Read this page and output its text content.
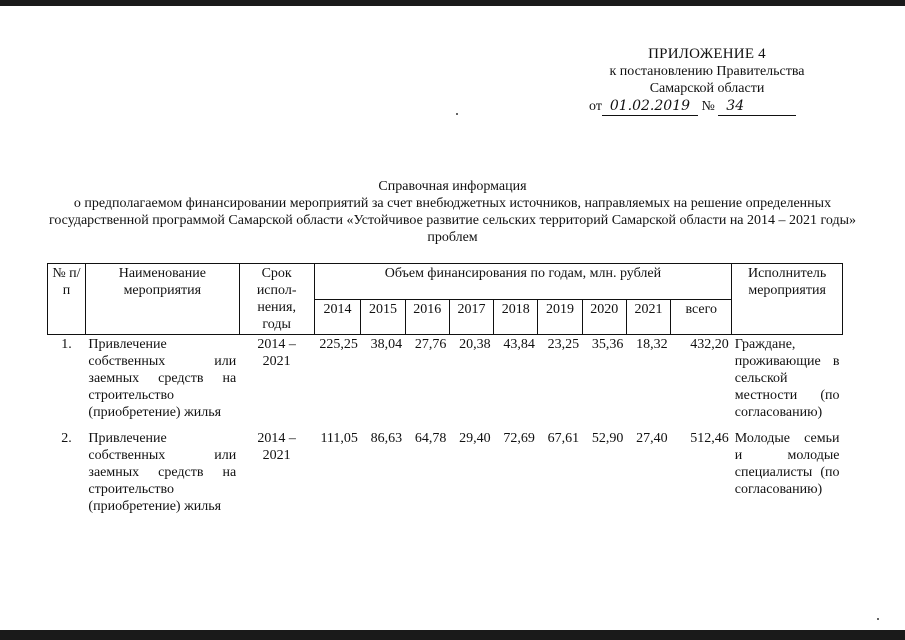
ПРИЛОЖЕНИЕ 4
к постановлению Правительства
Самарской области
от 01.02.2019 № 34
Справочная информация
о предполагаемом финансировании мероприятий за счет внебюджетных источников, направляемых на решение определенных государственной программой Самарской области «Устойчивое развитие сельских территорий Самарской области на 2014 – 2021 годы» проблем
№ п/п	Наименование мероприятия	Срок испол-нения, годы	Объем финансирования по годам, млн. рублей									Исполнитель мероприятия
			2014	2015	2016	2017	2018	2019	2020	2021	всего	
1.	Привлечение собственных или заемных средств на строительство (приобретение) жилья	2014 – 2021	225,25	38,04	27,76	20,38	43,84	23,25	35,36	18,32	432,20	Граждане, проживающие в сельской местности (по согласованию)
2.	Привлечение собственных или заемных средств на строительство (приобретение) жилья	2014 – 2021	111,05	86,63	64,78	29,40	72,69	67,61	52,90	27,40	512,46	Молодые семьи и молодые специалисты (по согласованию)
